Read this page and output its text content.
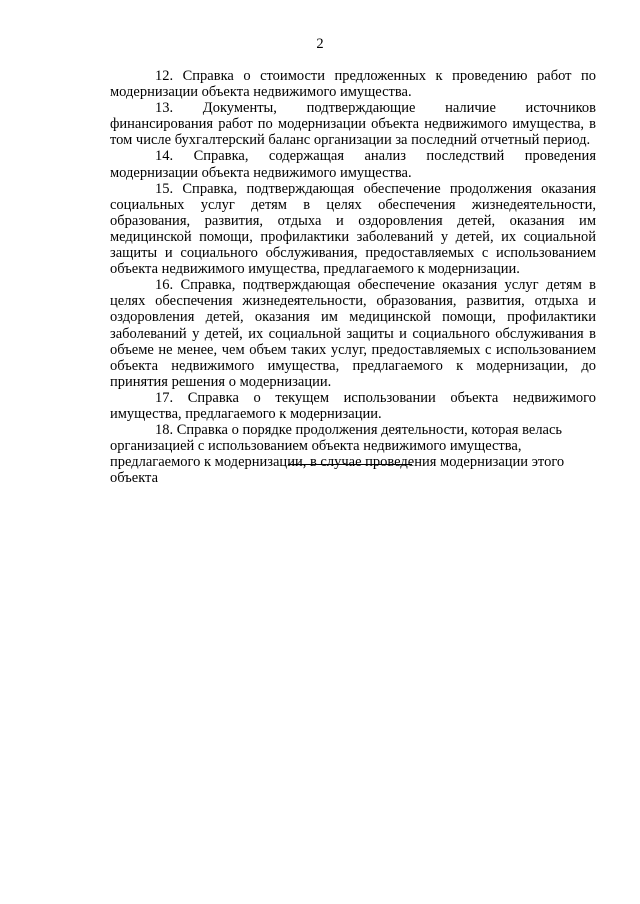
2

12. Справка о стоимости предложенных к проведению работ по модернизации объекта недвижимого имущества.

13. Документы, подтверждающие наличие источников финансирования работ по модернизации объекта недвижимого имущества, в том числе бухгалтерский баланс организации за последний отчетный период.

14. Справка, содержащая анализ последствий проведения модернизации объекта недвижимого имущества.

15. Справка, подтверждающая обеспечение продолжения оказания социальных услуг детям в целях обеспечения жизнедеятельности, образования, развития, отдыха и оздоровления детей, оказания им медицинской помощи, профилактики заболеваний у детей, их социальной защиты и социального обслуживания, предоставляемых с использованием объекта недвижимого имущества, предлагаемого к модернизации.

16. Справка, подтверждающая обеспечение оказания услуг детям в целях обеспечения жизнедеятельности, образования, развития, отдыха и оздоровления детей, оказания им медицинской помощи, профилактики заболеваний у детей, их социальной защиты и социального обслуживания в объеме не менее, чем объем таких услуг, предоставляемых с использованием объекта недвижимого имущества, предлагаемого к модернизации, до принятия решения о модернизации.

17. Справка о текущем использовании объекта недвижимого имущества, предлагаемого к модернизации.

18. Справка о порядке продолжения деятельности, которая велась организацией с использованием объекта недвижимого имущества, предлагаемого к модернизации, в случае проведения модернизации этого объекта
